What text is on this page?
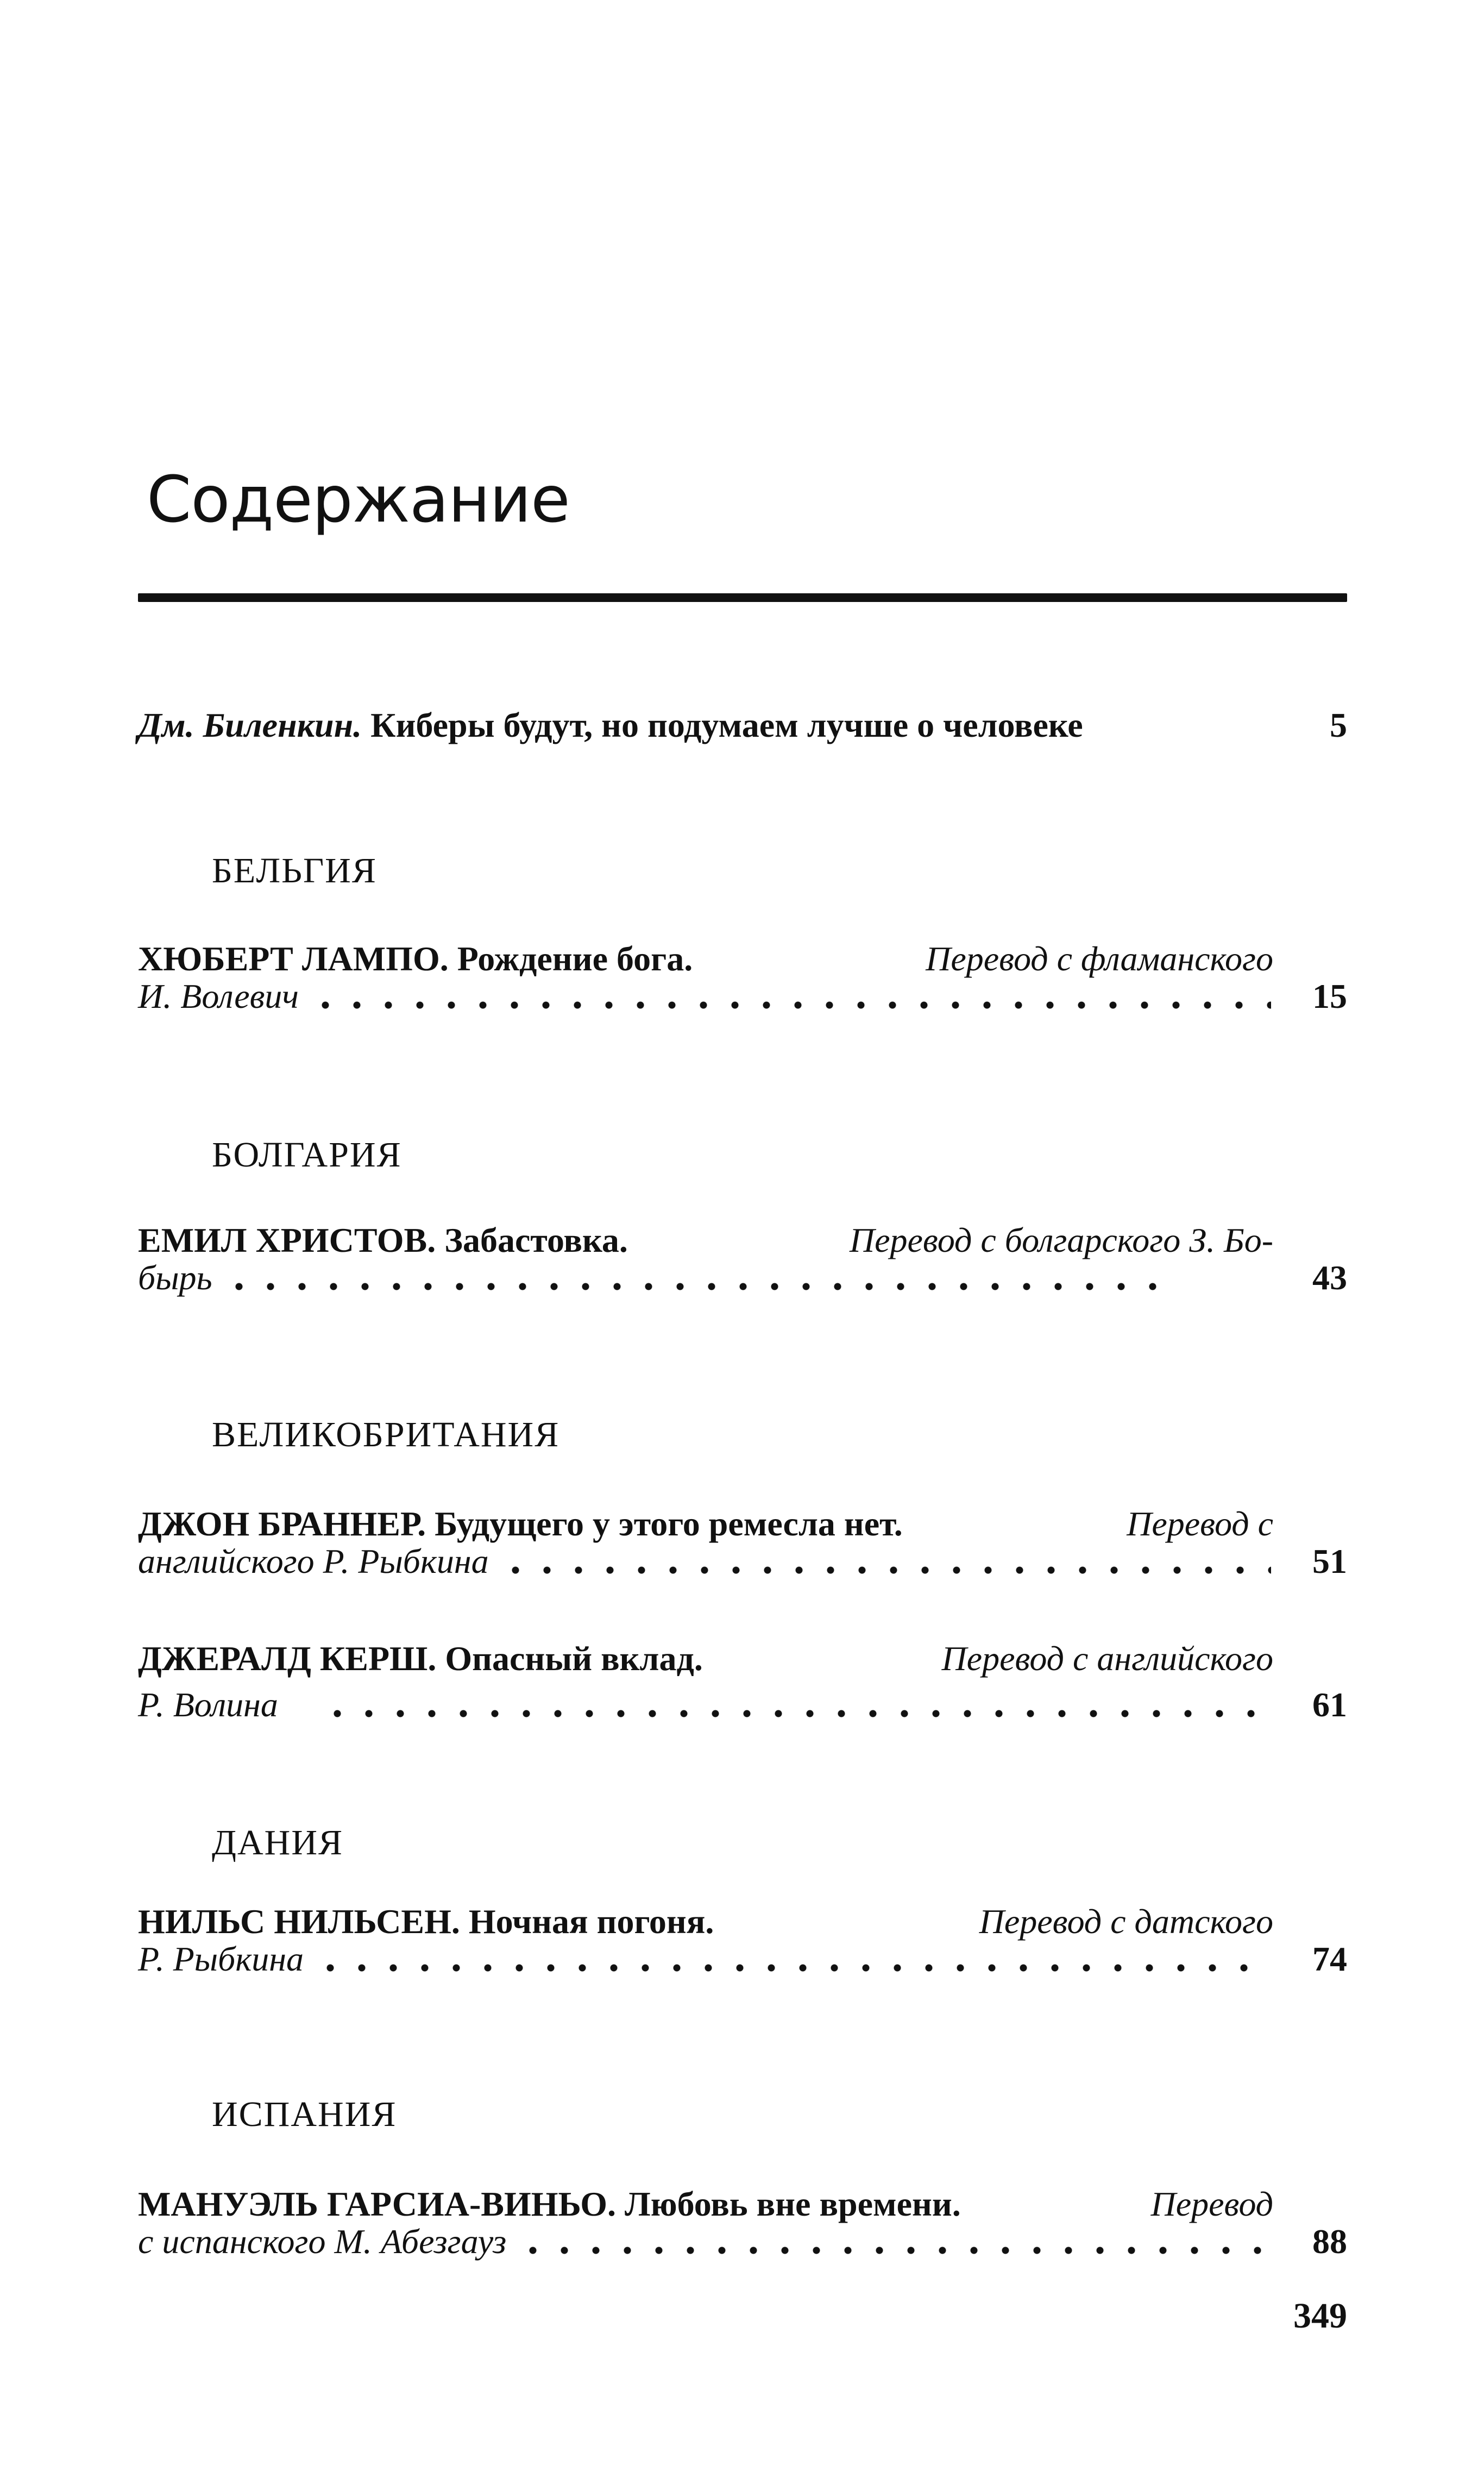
Содержание
Дм. Биленкин.
Киберы будут, но подумаем лучше о человеке	5
БЕЛЬГИЯ
ХЮБЕРТ ЛАМПО. Рождение бога.	Перевод с фламанского
И. Волевич	15
БОЛГАРИЯ
ЕМИЛ ХРИСТОВ. Забастовка.	Перевод с болгарского З. Бо-
бырь	43
ВЕЛИКОБРИТАНИЯ
ДЖОН БРАННЕР. Будущего у этого ремесла нет.	Перевод с
английского Р. Рыбкина	51
ДЖЕРАЛД КЕРШ. Опасный вклад.	Перевод с английского
Р. Волина	61
ДАНИЯ
НИЛЬС НИЛЬСЕН. Ночная погоня.	Перевод с датского
Р. Рыбкина	74
ИСПАНИЯ
МАНУЭЛЬ ГАРСИА-ВИНЬО. Любовь вне времени.	Перевод
с испанского М. Абезгауз	88
349
